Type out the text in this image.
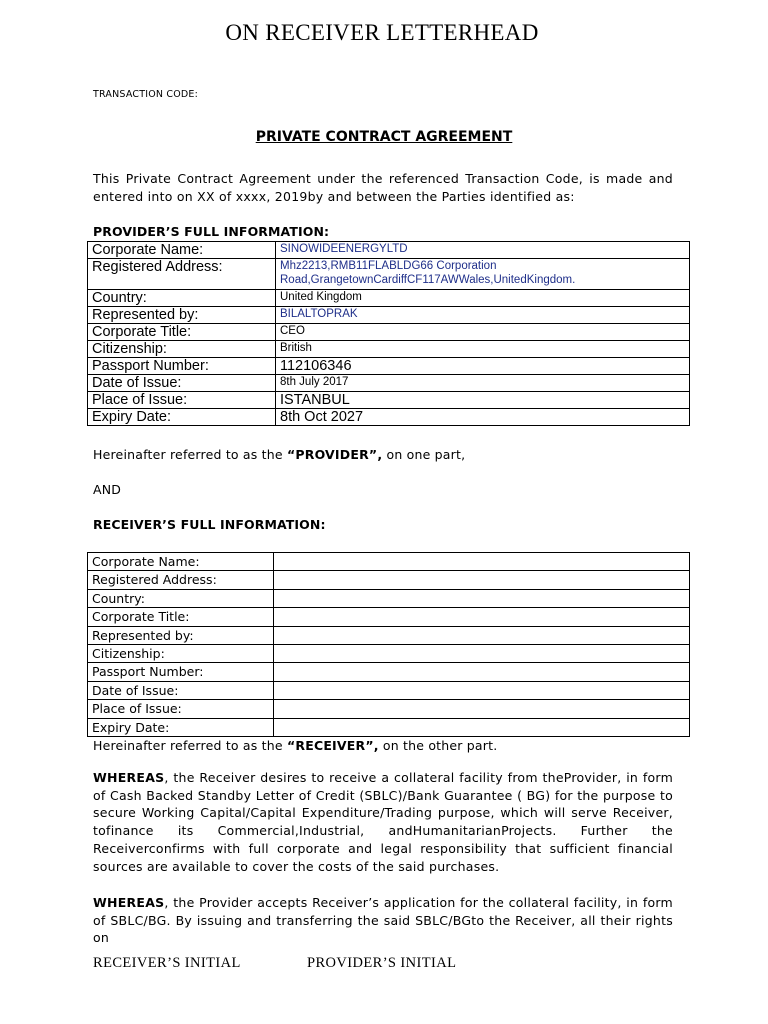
ON RECEIVER LETTERHEAD
TRANSACTION CODE:
PRIVATE CONTRACT AGREEMENT
This Private Contract Agreement under the referenced Transaction Code, is made and entered into on XX of xxxx, 2019by and between the Parties identified as:
PROVIDER’S FULL INFORMATION:
Corporate Name:	SINOWIDEENERGYLTD
Registered Address:	Mhz2213,RMB11FLABLDG66 Corporation Road,GrangetownCardiffCF117AWWales,UnitedKingdom.
Country:	United Kingdom
Represented by:	BILALTOPRAK
Corporate Title:	CEO
Citizenship:	British
Passport Number:	112106346
Date of Issue:	8th July 2017
Place of Issue:	ISTANBUL
Expiry Date:	8th Oct 2027
Hereinafter referred to as the “PROVIDER”, on one part,
AND
RECEIVER’S FULL INFORMATION:
Corporate Name:	
Registered Address:	
Country:	
Corporate Title:	
Represented by:	
Citizenship:	
Passport Number:	
Date of Issue:	
Place of Issue:	
Expiry Date:	
Hereinafter referred to as the “RECEIVER”, on the other part.
WHEREAS, the Receiver desires to receive a collateral facility from theProvider, in form of Cash Backed Standby Letter of Credit (SBLC)/Bank Guarantee ( BG) for the purpose to secure Working Capital/Capital Expenditure/Trading purpose, which will serve Receiver, tofinance its Commercial,Industrial, andHumanitarianProjects. Further the Receiverconfirms with full corporate and legal responsibility that sufficient financial sources are available to cover the costs of the said purchases.
WHEREAS, the Provider accepts Receiver’s application for the collateral facility, in form of SBLC/BG. By issuing and transferring the said SBLC/BGto the Receiver, all their rights on
RECEIVER’S INITIAL	PROVIDER’S INITIAL
